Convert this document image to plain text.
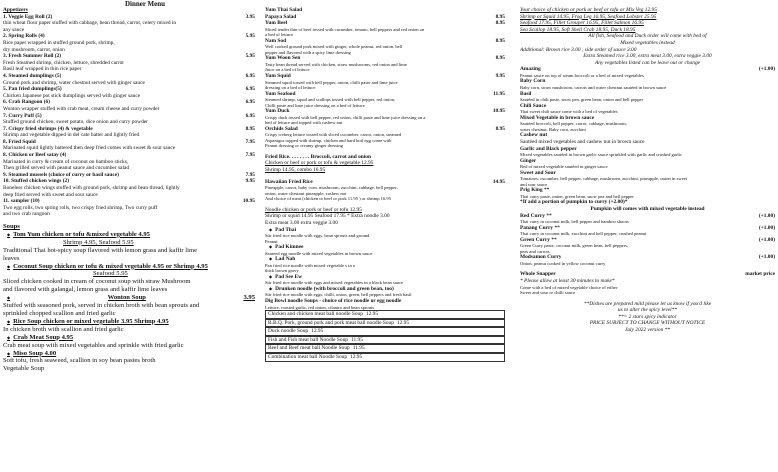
Dinner Menu
Appetizers
1. Veggie Egg Roll (2)	3.95
thin wheat flour paper stuffed with cabbage, bean thread, carrot, celery mixed in
any sauce
2. Spring Rolls (4)	5.95
Rice paper wrapped in stuffed ground pork, shrimp,
dry mushroom, carrot, onion
3. Fresh Summer Roll (2)	5.95
Fresh Steamed shrimp, chicken, lettuce, shredded carrot
Basil leaf wrapped in thin rice paper
4. Steamed dumplings (5)	6.95
Ground pork and shrimp, water chestnut served with ginger sauce
5. Pan fried dumplings(5)	6.95
Chicken Japanese pot stick dumplings served with ginger sauce
6. Crab Rangoon (6)	6.95
Wonton wrapper stuffed with crab meat, cream cheese and curry powder
7. Curry Puff (5)	6.95
Stuffed ground chicken, sweet potato, dice onion and curry powder
7. Crispy fried shrimps (4) & vegetable	8.95
Shrimp and vegetable dipped in del cate batter and lightly fried
8. Fried Squid	7.95
Marinated squid lightly battered then deep fried comes with sweet & sour sauce
8. Chicken or Beef satay (4)	7.95
Marinated in curry & cream of coconut on bamboo sticks,
Then grilled served with peanut sauce and cucumber salad
9. Steamed mussels (choice of curry or basil sauce)	7.95
10. Stuffed chicken wings (2)	9.95
Boneless chicken wings stuffed with ground pork, shrimp and bean thread, lightly
deep fried served with sweet and sour sauce
11. sampler (10)	10.95
Two egg rolls, two spring rolls, two crispy fried shrimp, Two curry puff
and two crab rangoon
Soups
◆ Tom Yum chicken or tofu &mixed vegetable 4.95
Shrimp 4.95, Seafood 5.95
Traditional Thai hot-spicy soup flavored with lemon grass and kaffir lime
leaves
◆ Coconut Soup chicken or tofu & mixed vegetable 4.95 or Shrimp 4.95
Seafood 5.95
Sliced chicken cooked in cream of coconut soup with straw Mushroom
and flavored with galangal, lemon grass and kaffir lime leaves
◆ Wonton Soup	3.95
Stuffed with seasoned pork, served in chicken broth with bean sprouts and
sprinkled chopped scallion and fried garlic
◆ Rice Soup chicken or mixed vegetable 3.95 Shrimp 4.95
In chicken broth with scallion and fried garlic
◆ Crab Meat Soup 4.95
Crab meat soup with mixed vegetables and sprinkle with fried garlic
◆ Miso Soup 4.00
Soft tofu, fresh seaweed, scallion in soy bean pastes broth
Vegetable Soup
Yum Thai Salad
Papaya Salad	8.95
Yum Beef	8.95
Sliced tender thin of beef tossed with cucumber, tomato, bell peppers and red onion on
a bed of lettuce
Nam Sod	8.95
Well cooked ground pork mixed with ginger, whole peanut, red onion, bell
pepper and flavored with a spicy lime dressing
Yum Woon Sen	8.95
Tasty bean thread served with chicken, straw mushrooms, red onion and lime
Juice on a bed of lettuce
Yum Squid	9.95
Steamed squid tossed with bell pepper, onion, chilli paste and lime juice
dressing on a bed of lettuce
Yum Seafood	11.95
Steamed shrimp, squid and scallops tossed with bell pepper, red onion,
Chilli paste and lime juice dressing on a bed of lettuce
Yum Duck	10.95
Crispy duck tossed with bell pepper, red onion, chilli paste and lime juice dressing on a
bed of lettuce and topped with cashew nut
Orchids Salad	8.95
Crispy iceberg lettuce tossed with sliced cucumber, carrot, onion, steamed
Asparagus topped with shrimp, chicken and hard boil egg come with
Peanut dressing or creamy ginger dressing
Fried Rice. . . . . . . . Broccoli, carrot and onion
Chicken or beef or pork or tofu & vegetable 12.95
Shrimp 14.95, combo 16.95
Hawaiian Fried Rice	14.95
Pineapple, carrot, baby corn, mushroom, zucchini, cabbage, bell pepper,
onion, water chestnut pineapple, cashew nut
And choice of meat (chicken or beef or pork 11.95 ) or shrimp 16.95
Noodle chicken or pork or beef or tofu 12.95
Shrimp or squid 14.95 Seafood 17.95 * Extra noodle 3.00
Extra meat 3.00 extra veggie 3.00
◆ Pad Thai
Stir fried rice noodle with eggs, bean sprouts and ground
Peanut
◆ Pad Kimnee
Sauteed egg noodle with mixed vegetables in brown sauce
◆ Lad Nah
Pan fried rice noodle with mixed vegetable s in a
thick brown gravy
◆ Pad See Ew
Stir fried rice noodle with eggs and mixed vegetables in a black bean sauce
◆ Drunken noodle (with broccoli and green bean, too)
Stir fried rice noodle with eggs, chilli, onion, green, bell peppers and fresh basil
Dig Bowl noodle Soups - choice of rice noodle or egg noodle
Lettuce, roasted garlic, red onion, cilantro and bean sprouts
Chicken and chicken meat ball noodle Soup 12.95
B.B.Q. Pork, ground pork and pork meat ball noodle Soup 12.95
Duck noodle Soup 12.95
Fish and Fish meat ball Noodle Soup 11.95
Beef and Beef meat ball Noodle Soup 11.95
Combination meat ball Noodle Soup 12.95
Your choice of chicken or pork or beef or tofu or Mix Veg 12.95
Shrimp or Squid 14.95, Frog Leg 16.95, Seafood Lobster 25.95
Seafood 17.95, Fillet Grouper 16.95, Fillet Salmon 16.95
Sea Scallop 18.95, Soft Shell Crab 18.95, Duck 18.95
All fish, Seafood and Duck order will come with bed of
Mixed vegetables instead
Additional: Brown rice 3.00 , side order of sauce 3.00
Extra Steamed rice 3.00, extra meat 3.00, extra veggie 3.00
Any vegetables listed can be leave out or change
Amazing	(+1.00)
Peanut sauce on top of steam broccoli or a bed of mixed vegetables
Baby Corn
Baby corn, straw mushroom, carrots and water chestnut sautéed in brown sauce
Basil
Sautéed in chili paste, snow pea, green bean, onion and bell pepper
Chili Sauce
Thai sweet chili sauce come with a bed of vegetables
Mixed Vegetable in brown sauce
Sautéed broccoli, bell pepper, carrot, cabbage, mushroom,
water chestnut, Baby corn, zucchini
Cashew nut
Sautéed mixed vegetables and cashew nut in brown sauce
Garlic and Black pepper
Mixed vegetables sautéed in brown garlic sauce sprinkled with garlic and crushed garlic
Ginger
Bed of mixed vegetable sautéed in ginger sauce
Sweet and Sour
Tomatoes, cucumber, bell pepper, cabbage, mushroom, zucchini, pineapple, onion in sweet
and sour sauce
Prig King **
Thai curry paste, onion, green bean, snow pea and bell pepper
*If add a portion of pumpkin to curry (+2.00)*
Pumpkin will comes with mixed vegetable instead
Red Curry **	(+1.00)
Thai curry in coconut milk, bell pepper and bamboo shoots
Panang Curry **	(+1.00)
Thai curry in coconut milk, zucchini and bell pepper, crushed peanut
Green Curry **	(+1.00)
Green Curry paste, coconut milk, green bean, bell peppers,
peas and carrots
Modsamon Curry	(+1.00)
Onion, peanut cooked in yellow coconut curry
Whole Snapper	market price
* Please allow at least 30 minutes to make*
Come with a bed of mixed vegetable choice of either
Sweet and sour or chilli sauce
**Dishes are prepared mild please let us know if you'd like
us to alter the spicy level**
**= 2 stars spicy indicator
PRICE SUBJECT TO CHANGE WITHOUT NOTICE
July 2022 version **
